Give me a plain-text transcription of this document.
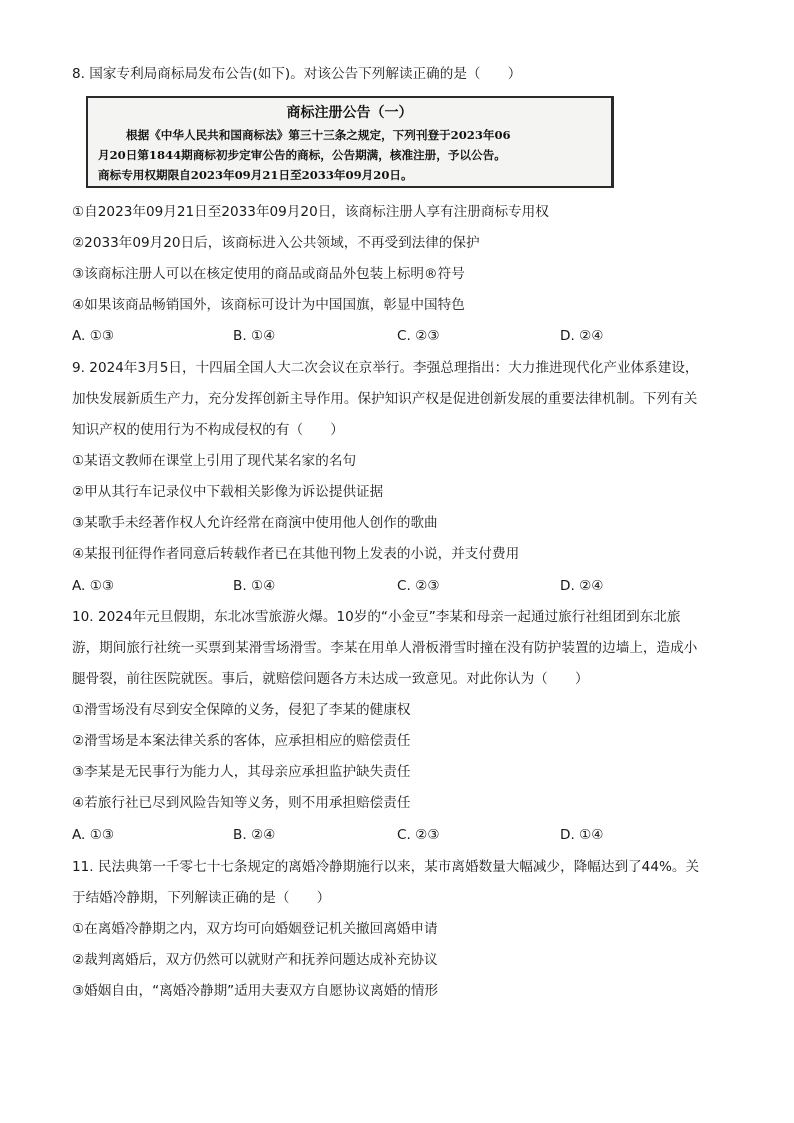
8. 国家专利局商标局发布公告(如下)。对该公告下列解读正确的是（　　）
商标注册公告（一）
根据《中华人民共和国商标法》第三十三条之规定，下列刊登于2023年06
月20日第1844期商标初步定审公告的商标，公告期满，核准注册，予以公告。
商标专用权期限自2023年09月21日至2033年09月20日。
①自2023年09月21日至2033年09月20日，该商标注册人享有注册商标专用权
②2033年09月20日后，该商标进入公共领域，不再受到法律的保护
③该商标注册人可以在核定使用的商品或商品外包装上标明®符号
④如果该商品畅销国外，该商标可设计为中国国旗，彰显中国特色
A. ①③	B. ①④	C. ②③	D. ②④
9. 2024年3月5日，十四届全国人大二次会议在京举行。李强总理指出：大力推进现代化产业体系建设，
加快发展新质生产力，充分发挥创新主导作用。保护知识产权是促进创新发展的重要法律机制。下列有关
知识产权的使用行为不构成侵权的有（　　）
①某语文教师在课堂上引用了现代某名家的名句
②甲从其行车记录仪中下载相关影像为诉讼提供证据
③某歌手未经著作权人允许经常在商演中使用他人创作的歌曲
④某报刊征得作者同意后转载作者已在其他刊物上发表的小说，并支付费用
A. ①③	B. ①④	C. ②③	D. ②④
10. 2024年元旦假期，东北冰雪旅游火爆。10岁的“小金豆”李某和母亲一起通过旅行社组团到东北旅
游，期间旅行社统一买票到某滑雪场滑雪。李某在用单人滑板滑雪时撞在没有防护装置的边墙上，造成小
腿骨裂，前往医院就医。事后，就赔偿问题各方未达成一致意见。对此你认为（　　）
①滑雪场没有尽到安全保障的义务，侵犯了李某的健康权
②滑雪场是本案法律关系的客体，应承担相应的赔偿责任
③李某是无民事行为能力人，其母亲应承担监护缺失责任
④若旅行社已尽到风险告知等义务，则不用承担赔偿责任
A. ①③	B. ②④	C. ②③	D. ①④
11. 民法典第一千零七十七条规定的离婚冷静期施行以来，某市离婚数量大幅减少，降幅达到了44%。关
于结婚冷静期，下列解读正确的是（　　）
①在离婚冷静期之内，双方均可向婚姻登记机关撤回离婚申请
②裁判离婚后，双方仍然可以就财产和抚养问题达成补充协议
③婚姻自由，“离婚冷静期”适用夫妻双方自愿协议离婚的情形
